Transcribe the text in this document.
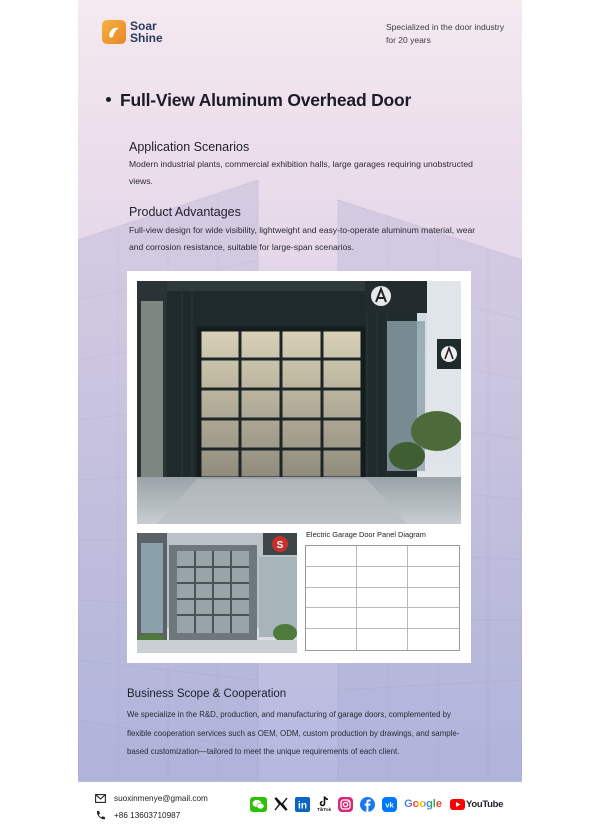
Soar
Shine
Specialized in the door industry
for 20 years
Full-View Aluminum Overhead Door
Application Scenarios
Modern industrial plants, commercial exhibition halls, large garages requiring unobstructed views.
Product Advantages
Full-view design for wide visibility, lightweight and easy-to-operate aluminum material, wear and corrosion resistance, suitable for large-span scenarios.
S
Electric Garage Door Panel Diagram
Business Scope & Cooperation
We specialize in the R&D, production, and manufacturing of garage doors, complemented by flexible cooperation services such as OEM, ODM, custom production by drawings, and sample-based customization—tailored to meet the unique requirements of each client.
suoxinmenye@gmail.com
+86 13603710987
in TikTok
vk Google	YouTube
